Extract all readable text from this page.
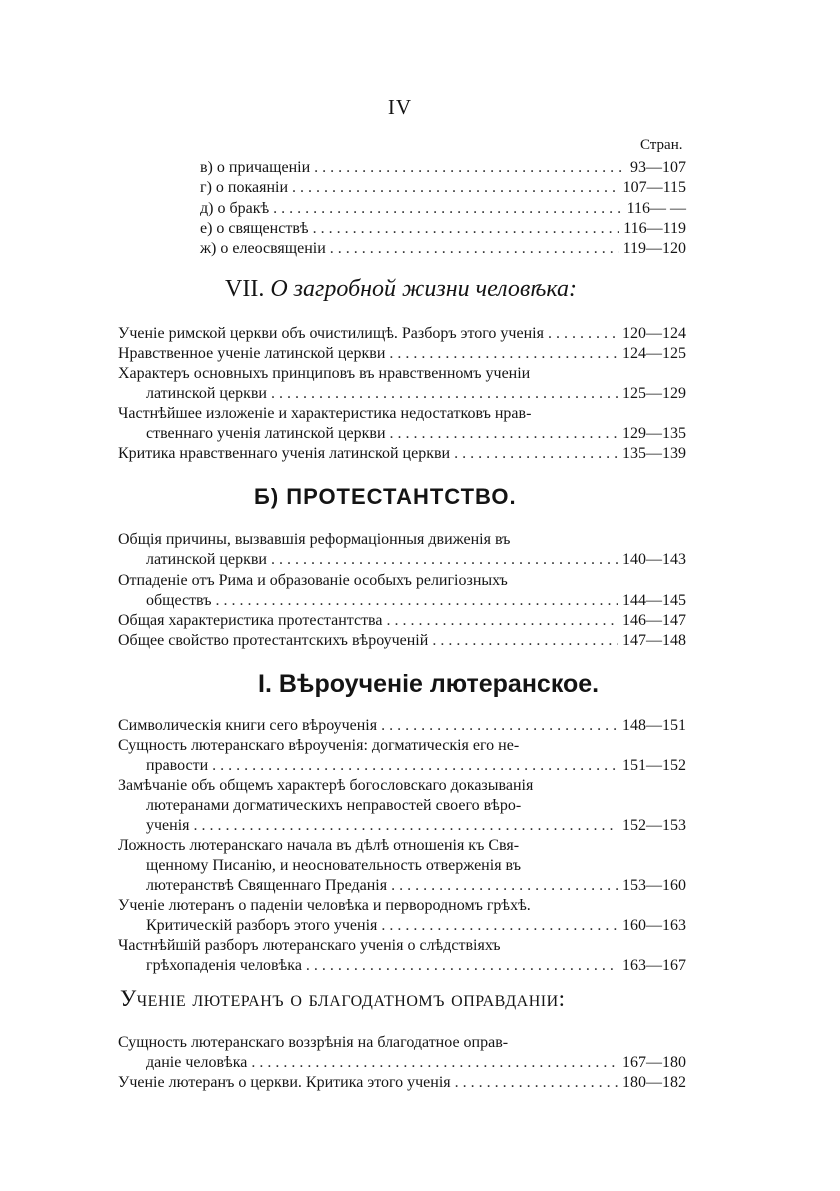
IV
Стран.
в) о причащеніи . . .	93—107
г) о покаяніи . . .	107—115
д) о бракѣ . . .	116— —
е) о священствѣ . . .	116—119
ж) о елеосвященіи . . .	119—120
VII. О загробной жизни человѣка:
Ученіе римской церкви объ очистилищѣ. Разборъ этого ученія . . .	120—124
Нравственное ученіе латинской церкви . . .	124—125
Характеръ основныхъ принциповъ въ нравственномъ ученіи
латинской церкви . . .	125—129
Частнѣйшее изложеніе и характеристика недостатковъ нрав-
ственнаго ученія латинской церкви . . .	129—135
Критика нравственнаго ученія латинской церкви . . .	135—139
Б) ПРОТЕСТАНТСТВО.
Общія причины, вызвавшія реформаціонныя движенія въ
латинской церкви . . .	140—143
Отпаденіе отъ Рима и образованіе особыхъ религіозныхъ
обществъ . . .	144—145
Общая характеристика протестантства . . .	146—147
Общее свойство протестантскихъ вѣроученій . . .	147—148
I. Вѣроученіе лютеранское.
Символическія книги сего вѣроученія . . .	148—151
Сущность лютеранскаго вѣроученія: догматическія его не-
правости . . .	151—152
Замѣчаніе объ общемъ характерѣ богословскаго доказыванія
лютеранами догматическихъ неправостей своего вѣро-
ученія . . .	152—153
Ложность лютеранскаго начала въ дѣлѣ отношенія къ Свя-
щенному Писанію, и неосновательность отверженія въ
лютеранствѣ Священнаго Преданія . . .	153—160
Ученіе лютеранъ о паденіи человѣка и первородномъ грѣхѣ.
Критическій разборъ этого ученія . . .	160—163
Частнѣйшій разборъ лютеранскаго ученія о слѣдствіяхъ
грѣхопаденія человѣка . . .	163—167
Ученіе лютеранъ о благодатномъ оправданіи:
Сущность лютеранскаго воззрѣнія на благодатное оправ-
даніе человѣка . . .	167—180
Ученіе лютеранъ о церкви. Критика этого ученія . . .	180—182
